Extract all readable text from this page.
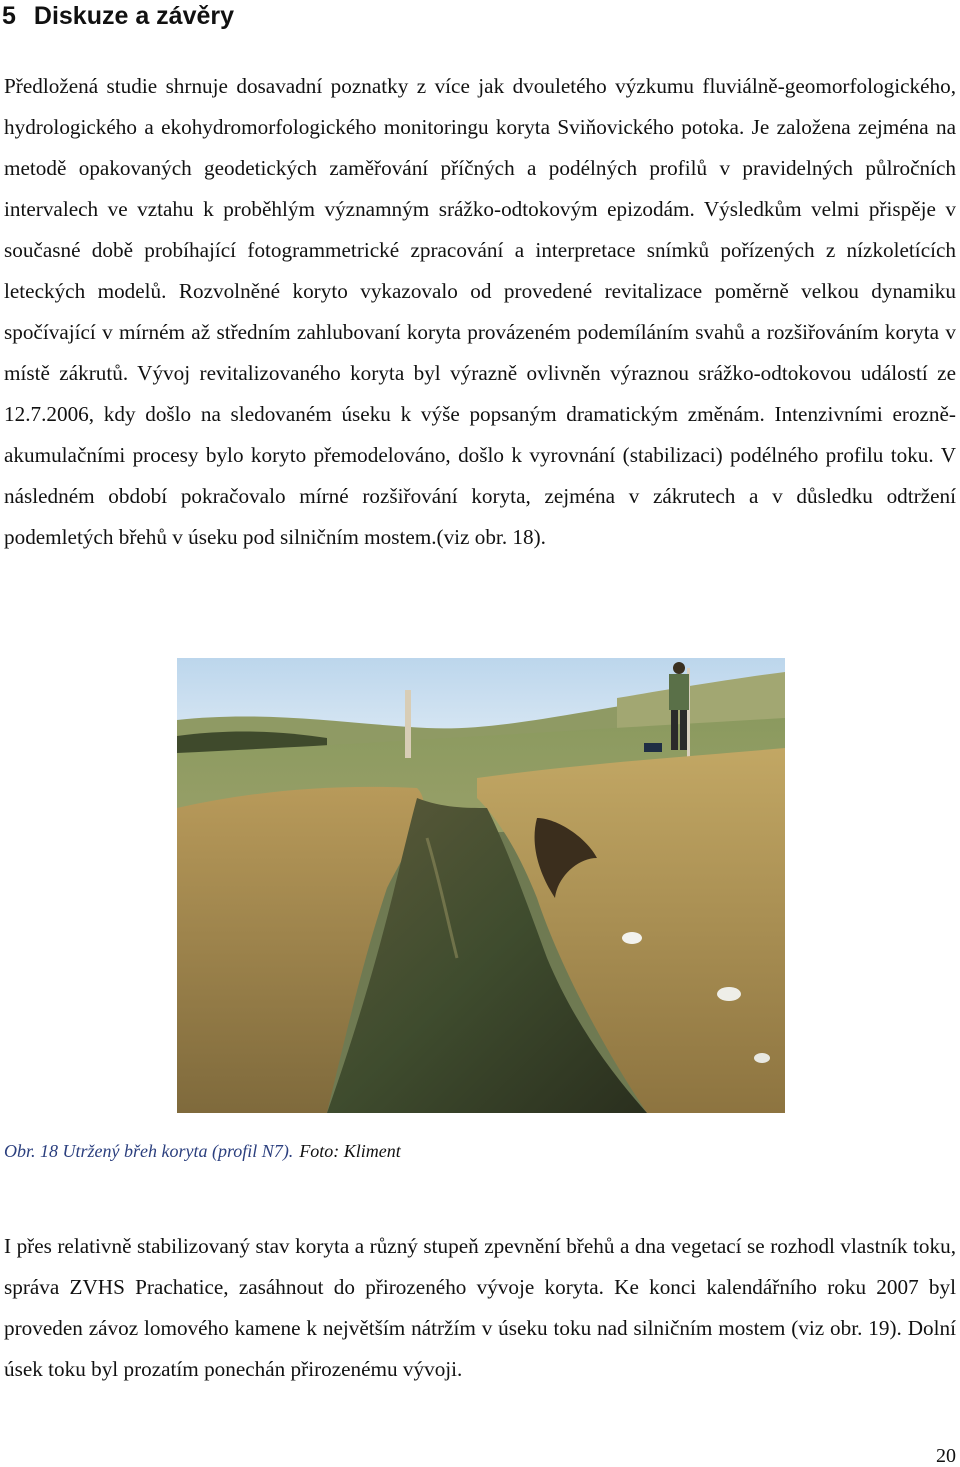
5 Diskuze a závěry

Předložená studie shrnuje dosavadní poznatky z více jak dvouletého výzkumu fluviálně-geomorfologického, hydrologického a ekohydromorfologického monitoringu koryta Sviňovického potoka. Je založena zejména na metodě opakovaných geodetických zaměřování příčných a podélných profilů v pravidelných půlročních intervalech ve vztahu k proběhlým významným srážko-odtokovým epizodám. Výsledkům velmi přispěje v současné době probíhající fotogrammetrické zpracování a interpretace snímků pořízených z nízkoletících leteckých modelů. Rozvolněné koryto vykazovalo od provedené revitalizace poměrně velkou dynamiku spočívající v mírném až středním zahlubovaní koryta provázeném podemíláním svahů a rozšiřováním koryta v místě zákrutů. Vývoj revitalizovaného koryta byl výrazně ovlivněn výraznou srážko-odtokovou událostí ze 12.7.2006, kdy došlo na sledovaném úseku k výše popsaným dramatickým změnám. Intenzivními erozně-akumulačními procesy bylo koryto přemodelováno, došlo k vyrovnání (stabilizaci) podélného profilu toku. V následném období pokračovalo mírné rozšiřování koryta, zejména v zákrutech a v důsledku odtržení podemletých břehů v úseku pod silničním mostem.(viz obr. 18).

Obr. 18 Utržený břeh koryta (profil N7). Foto: Kliment

I přes relativně stabilizovaný stav koryta a různý stupeň zpevnění břehů a dna vegetací se rozhodl vlastník toku, správa ZVHS Prachatice, zasáhnout do přirozeného vývoje koryta. Ke konci kalendářního roku 2007 byl proveden závoz lomového kamene k největším nátržím v úseku toku nad silničním mostem (viz obr. 19). Dolní úsek toku byl prozatím ponechán přirozenému vývoji.

20
